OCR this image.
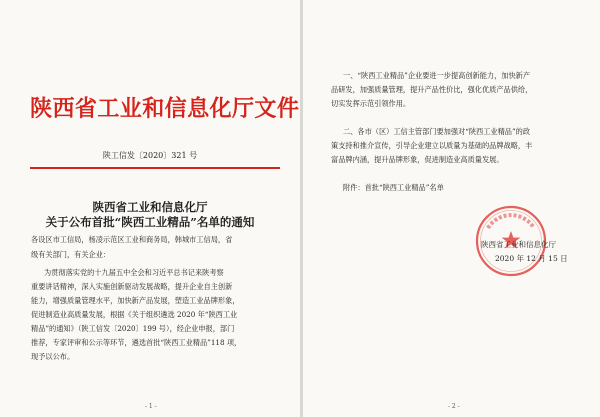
陕西省工业和信息化厅文件
陕工信发〔2020〕321 号
陕西省工业和信息化厅
关于公布首批“陕西工业精品”名单的通知
各设区市工信局，杨凌示范区工业和商务局，韩城市工信局，省
级有关部门，有关企业：
为贯彻落实党的十九届五中全会和习近平总书记来陕考察
重要讲话精神，深入实施创新驱动发展战略，提升企业自主创新
能力，增强质量管理水平，加快新产品发展，塑造工业品牌形象，
促进制造业高质量发展，根据《关于组织遴选 2020 年“陕西工业
精品”的通知》（陕工信发〔2020〕199 号），经企业申报，部门
推荐，专家评审和公示等环节，遴选首批“陕西工业精品”118 项，
现予以公布。
- 1 -
一、“陕西工业精品”企业要进一步提高创新能力，加快新产
品研发，加强质量管理，提升产品性价比，强化优质产品供给，
切实发挥示范引领作用。
二、各市（区）工信主管部门要加强对“陕西工业精品”的政
策支持和推介宣传，引导企业建立以质量为基础的品牌战略，丰
富品牌内涵，提升品牌形象，促进制造业高质量发展。
附件：首批“陕西工业精品”名单
陕西省工业和信息化厅
2020 年 12 月 15 日
- 2 -
